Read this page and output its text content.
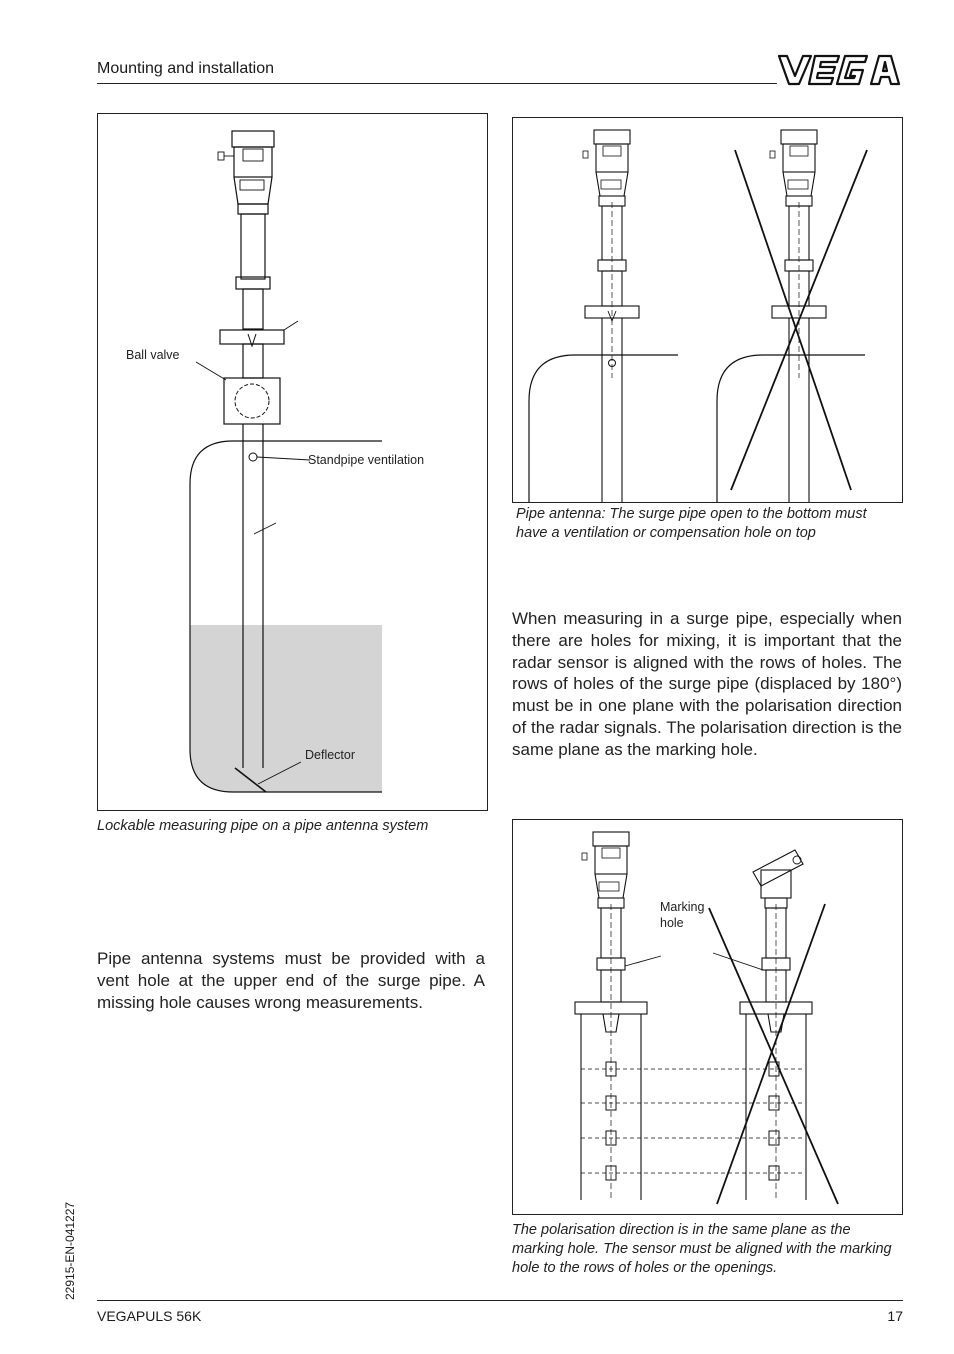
Mounting and installation
Ball valve
Standpipe ventilation
Deflector
Lockable measuring pipe on a pipe antenna system
Pipe antenna: The surge pipe open to the bottom must have a ventilation or compensation hole on top
When measuring in a surge pipe, especially when there are holes for mixing, it is important that the radar sensor is aligned with the rows of holes. The rows of holes of the surge pipe (displaced by 180°) must be in one plane with the polarisation direction of the radar signals. The polarisation direction is the same plane as the marking hole.
Pipe antenna systems must be provided with a vent hole at the upper end of the surge pipe. A missing hole causes wrong measurements.
Marking
hole
The polarisation direction is in the same plane as the marking hole. The sensor must be aligned with the marking hole to the rows of holes or the openings.
22915-EN-041227
VEGAPULS 56K	17
